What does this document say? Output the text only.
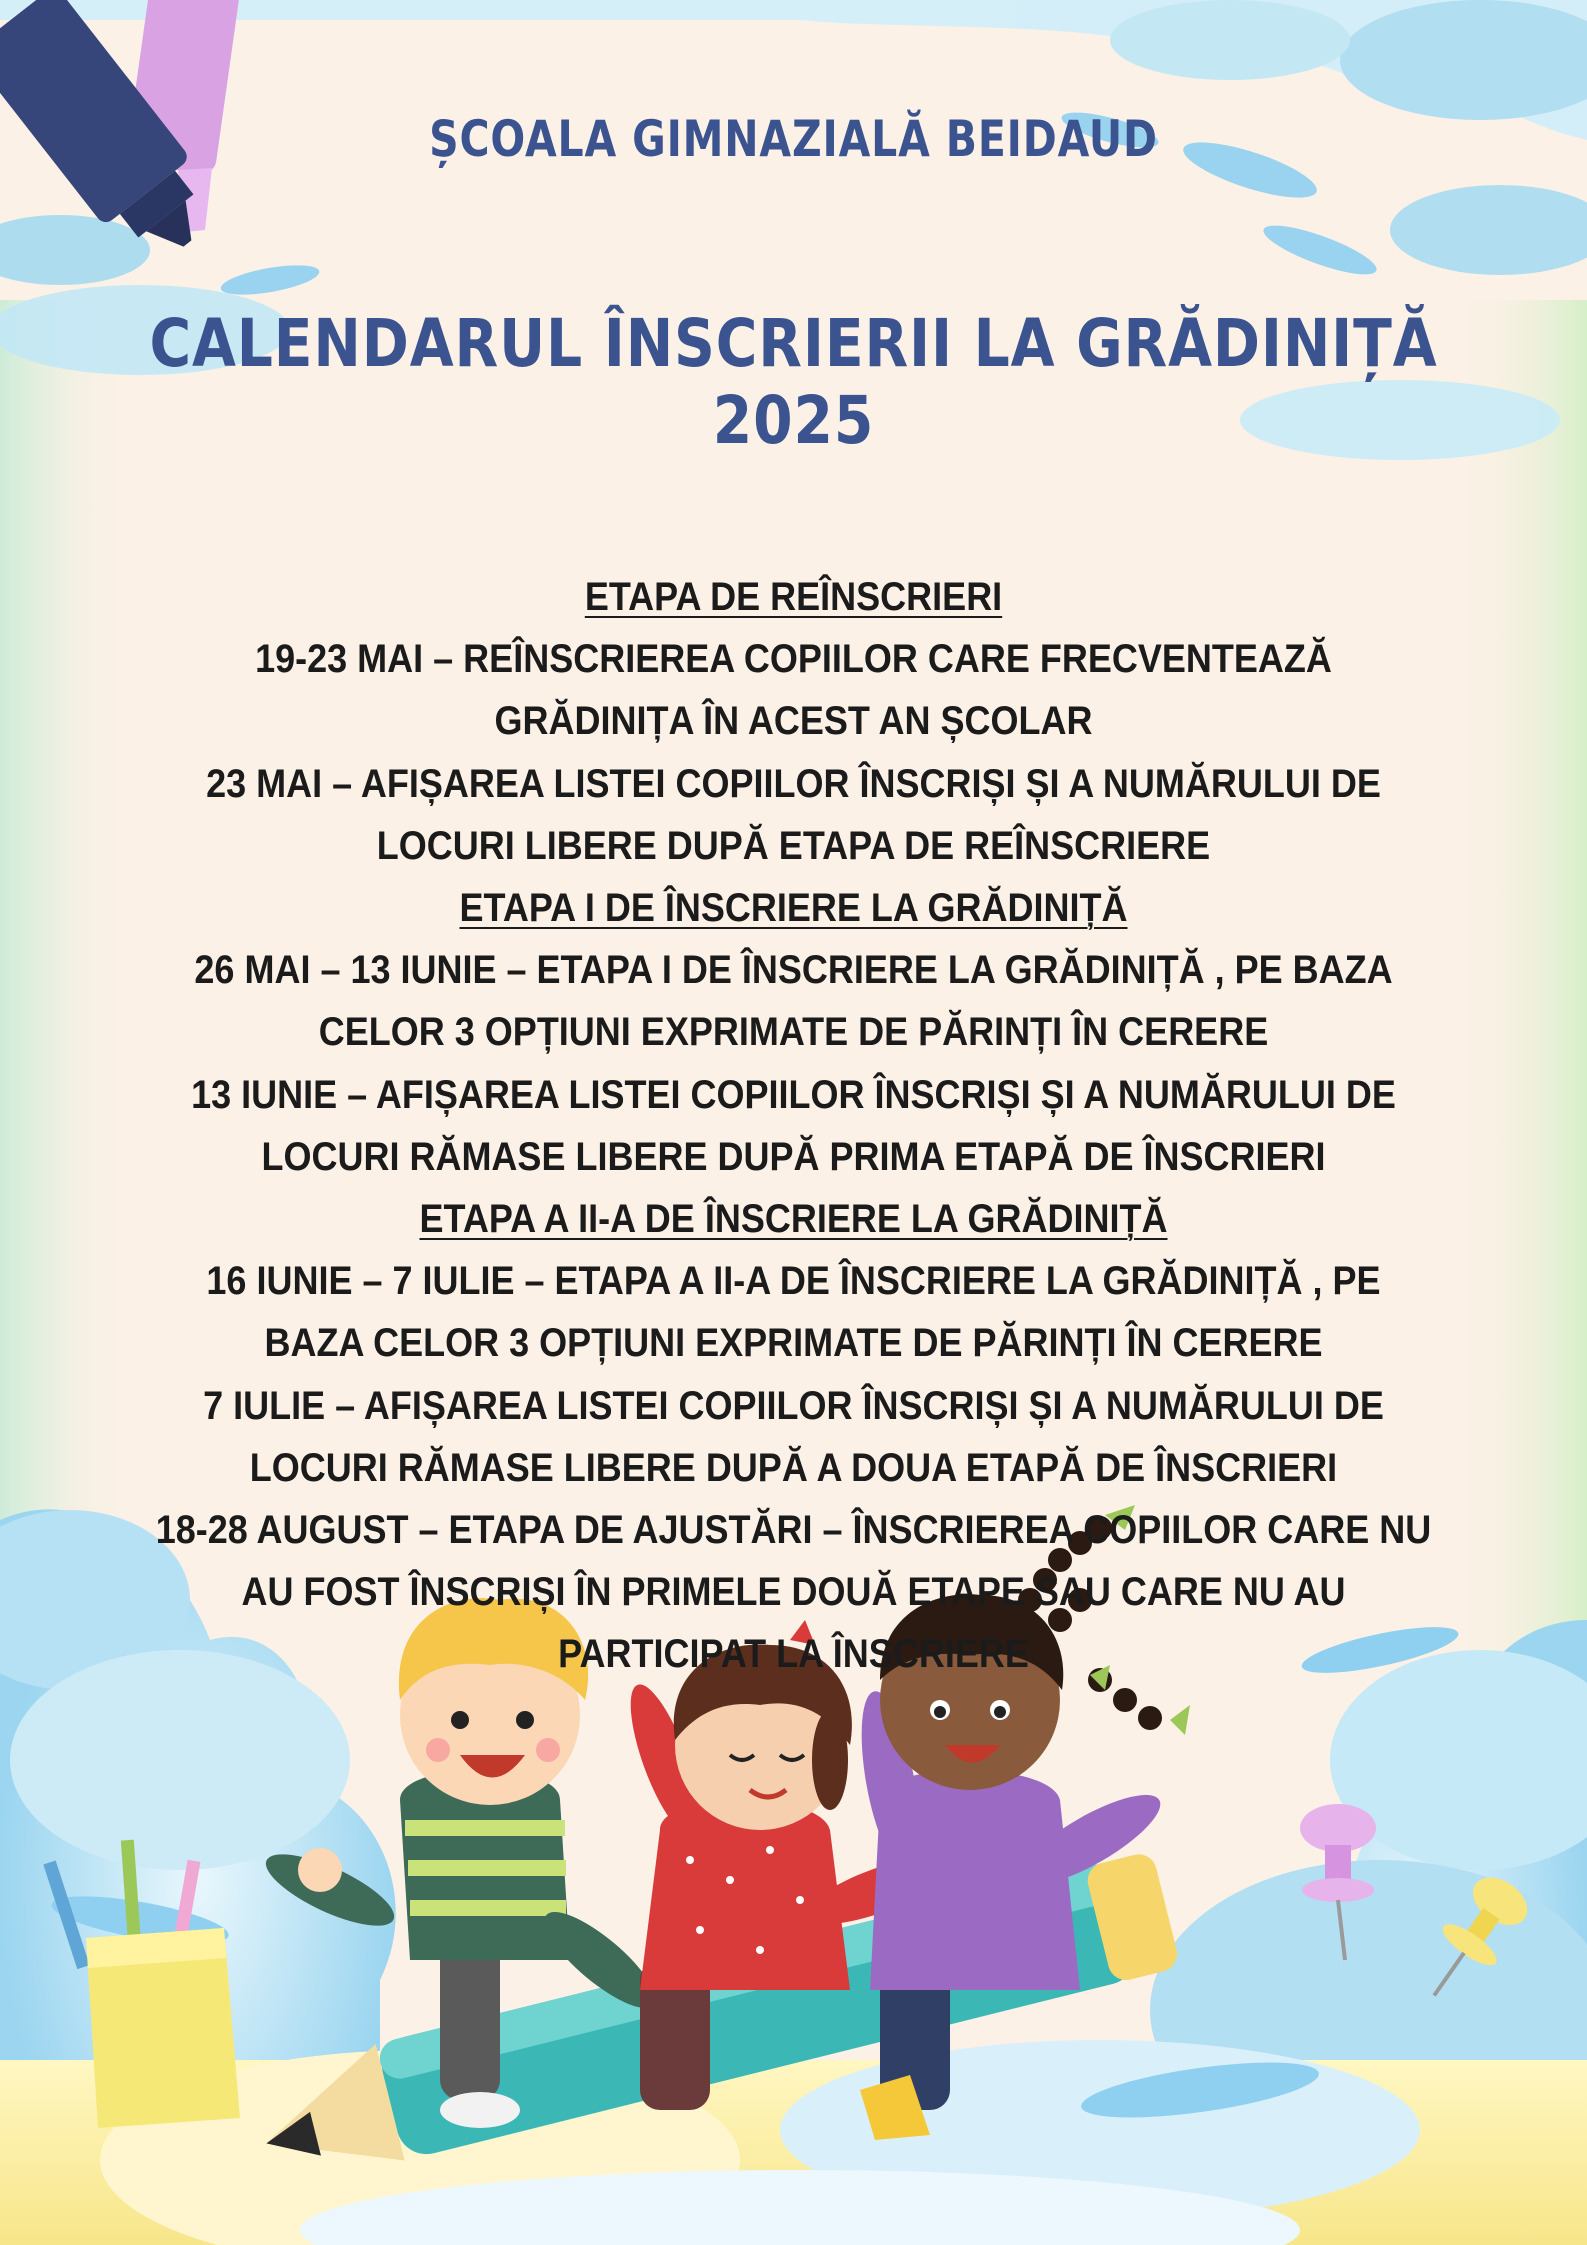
ȘCOALA GIMNAZIALĂ BEIDAUD
CALENDARUL ÎNSCRIERII LA GRĂDINIȚĂ 2025
ETAPA DE REÎNSCRIERI
19-23 MAI – REÎNSCRIEREA COPIILOR CARE FRECVENTEAZĂ
GRĂDINIȚA ÎN ACEST AN ȘCOLAR
23 MAI – AFIȘAREA LISTEI COPIILOR ÎNSCRIȘI ȘI A NUMĂRULUI DE
LOCURI LIBERE DUPĂ ETAPA DE REÎNSCRIERE
ETAPA I DE ÎNSCRIERE LA GRĂDINIȚĂ
26 MAI – 13 IUNIE – ETAPA I DE ÎNSCRIERE LA GRĂDINIȚĂ , PE BAZA
CELOR 3 OPȚIUNI EXPRIMATE DE PĂRINȚI ÎN CERERE
13 IUNIE – AFIȘAREA LISTEI COPIILOR ÎNSCRIȘI ȘI A NUMĂRULUI DE
LOCURI RĂMASE LIBERE DUPĂ PRIMA ETAPĂ DE ÎNSCRIERI
ETAPA A II-A DE ÎNSCRIERE LA GRĂDINIȚĂ
16 IUNIE – 7 IULIE – ETAPA A II-A DE ÎNSCRIERE LA GRĂDINIȚĂ , PE
BAZA CELOR 3 OPȚIUNI EXPRIMATE DE PĂRINȚI ÎN CERERE
7 IULIE – AFIȘAREA LISTEI COPIILOR ÎNSCRIȘI ȘI A NUMĂRULUI DE
LOCURI RĂMASE LIBERE DUPĂ A DOUA ETAPĂ DE ÎNSCRIERI
18-28 AUGUST – ETAPA DE AJUSTĂRI – ÎNSCRIEREA COPIILOR CARE NU
AU FOST ÎNSCRIȘI ÎN PRIMELE DOUĂ ETAPE SAU CARE NU AU
PARTICIPAT LA ÎNSCRIERE
